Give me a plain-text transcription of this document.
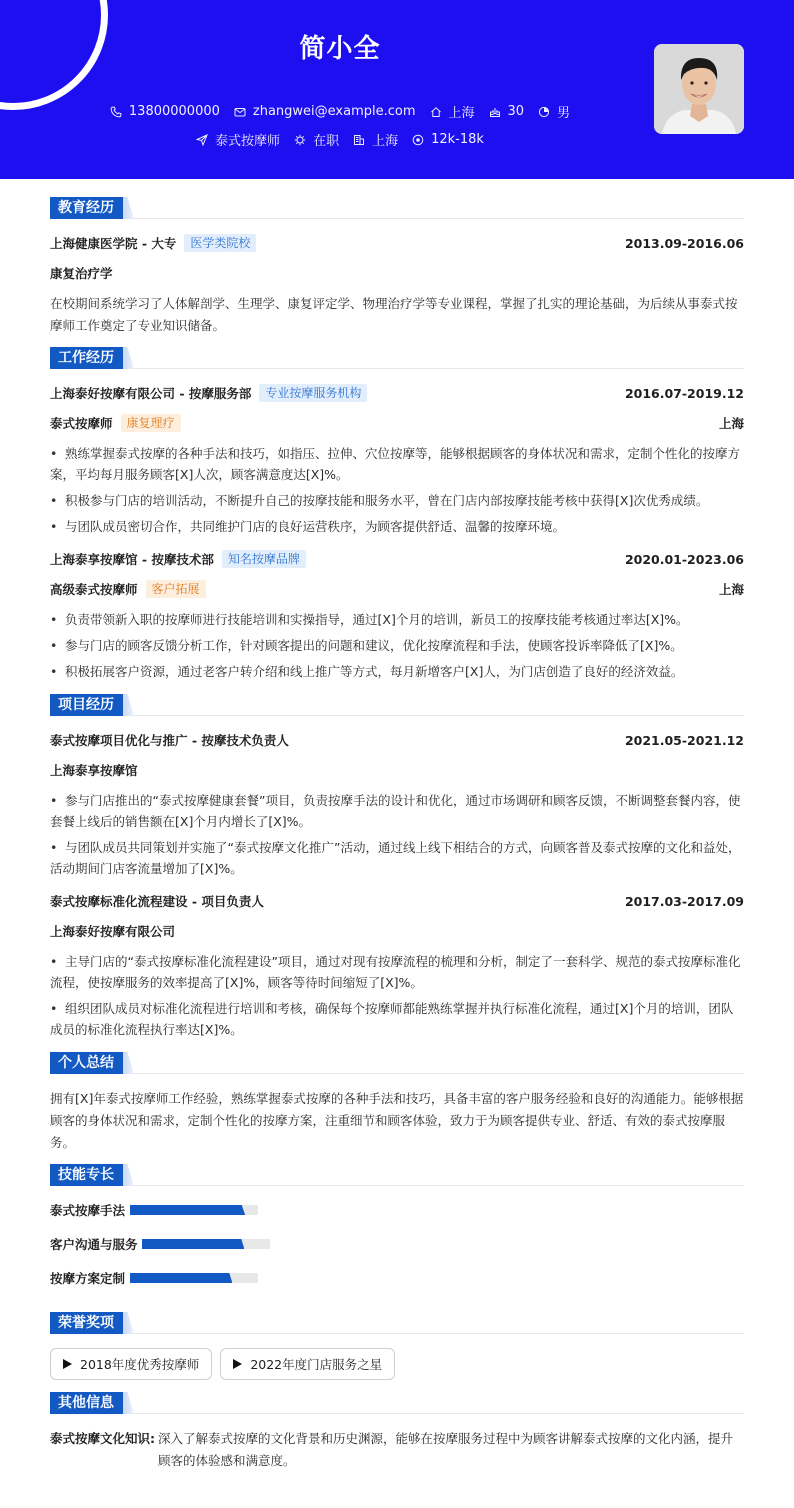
简小全
13800000000	zhangwei@example.com	上海	30	男
泰式按摩师	在职	上海	12k-18k
教育经历
上海健康医学院 - 大专	医学类院校	2013.09-2016.06
康复治疗学
在校期间系统学习了人体解剖学、生理学、康复评定学、物理治疗学等专业课程，掌握了扎实的理论基础，为后续从事泰式按摩师工作奠定了专业知识储备。
工作经历
上海泰好按摩有限公司 - 按摩服务部	专业按摩服务机构	2016.07-2019.12
泰式按摩师	康复理疗	上海
• 熟练掌握泰式按摩的各种手法和技巧，如指压、拉伸、穴位按摩等，能够根据顾客的身体状况和需求，定制个性化的按摩方案，平均每月服务顾客[X]人次，顾客满意度达[X]%。
• 积极参与门店的培训活动，不断提升自己的按摩技能和服务水平，曾在门店内部按摩技能考核中获得[X]次优秀成绩。
• 与团队成员密切合作，共同维护门店的良好运营秩序，为顾客提供舒适、温馨的按摩环境。
上海泰享按摩馆 - 按摩技术部	知名按摩品牌	2020.01-2023.06
高级泰式按摩师	客户拓展	上海
• 负责带领新入职的按摩师进行技能培训和实操指导，通过[X]个月的培训，新员工的按摩技能考核通过率达[X]%。
• 参与门店的顾客反馈分析工作，针对顾客提出的问题和建议，优化按摩流程和手法，使顾客投诉率降低了[X]%。
• 积极拓展客户资源，通过老客户转介绍和线上推广等方式，每月新增客户[X]人，为门店创造了良好的经济效益。
项目经历
泰式按摩项目优化与推广 - 按摩技术负责人	2021.05-2021.12
上海泰享按摩馆
• 参与门店推出的“泰式按摩健康套餐”项目，负责按摩手法的设计和优化，通过市场调研和顾客反馈，不断调整套餐内容，使套餐上线后的销售额在[X]个月内增长了[X]%。
• 与团队成员共同策划并实施了“泰式按摩文化推广”活动，通过线上线下相结合的方式，向顾客普及泰式按摩的文化和益处，活动期间门店客流量增加了[X]%。
泰式按摩标准化流程建设 - 项目负责人	2017.03-2017.09
上海泰好按摩有限公司
• 主导门店的“泰式按摩标准化流程建设”项目，通过对现有按摩流程的梳理和分析，制定了一套科学、规范的泰式按摩标准化流程，使按摩服务的效率提高了[X]%，顾客等待时间缩短了[X]%。
• 组织团队成员对标准化流程进行培训和考核，确保每个按摩师都能熟练掌握并执行标准化流程，通过[X]个月的培训，团队成员的标准化流程执行率达[X]%。
个人总结
拥有[X]年泰式按摩师工作经验，熟练掌握泰式按摩的各种手法和技巧，具备丰富的客户服务经验和良好的沟通能力。能够根据顾客的身体状况和需求，定制个性化的按摩方案，注重细节和顾客体验，致力于为顾客提供专业、舒适、有效的泰式按摩服务。
技能专长
泰式按摩手法
客户沟通与服务
按摩方案定制
荣誉奖项
2018年度优秀按摩师	2022年度门店服务之星
其他信息
泰式按摩文化知识: 深入了解泰式按摩的文化背景和历史渊源，能够在按摩服务过程中为顾客讲解泰式按摩的文化内涵，提升顾客的体验感和满意度。
